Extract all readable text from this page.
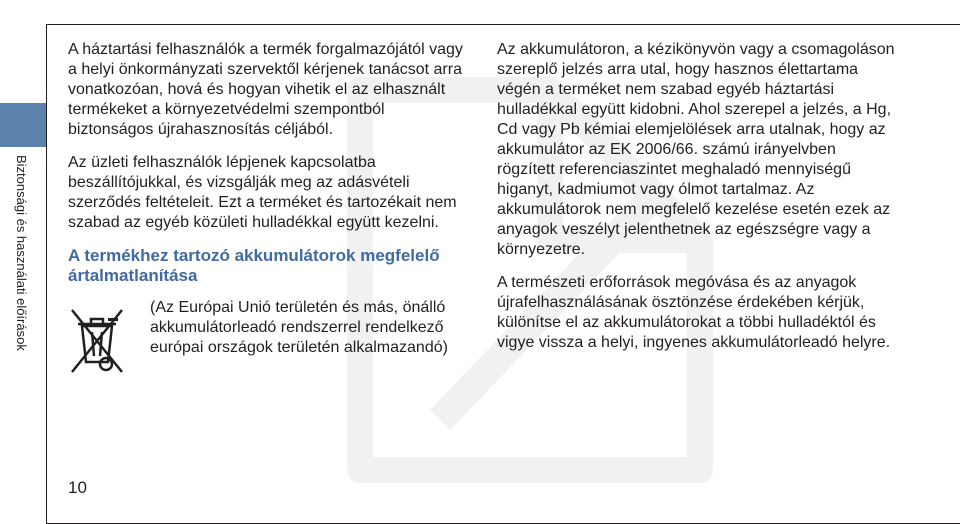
Biztonsági és használati előírások

A háztartási felhasználók a termék forgalmazójától vagy a helyi önkormányzati szervektől kérjenek tanácsot arra vonatkozóan, hová és hogyan vihetik el az elhasznált termékeket a környezetvédelmi szempontból biztonságos újrahasznosítás céljából.

Az üzleti felhasználók lépjenek kapcsolatba beszállítójukkal, és vizsgálják meg az adásvételi szerződés feltételeit. Ezt a terméket és tartozékait nem szabad az egyéb közületi hulladékkal együtt kezelni.

A termékhez tartozó akkumulátorok megfelelő ártalmatlanítása

(Az Európai Unió területén és más, önálló akkumulátorleadó rendszerrel rendelkező európai országok területén alkalmazandó)

Az akkumulátoron, a kézikönyvön vagy a csomagoláson szereplő jelzés arra utal, hogy hasznos élettartama végén a terméket nem szabad egyéb háztartási hulladékkal együtt kidobni. Ahol szerepel a jelzés, a Hg, Cd vagy Pb kémiai elemjelölések arra utalnak, hogy az akkumulátor az EK 2006/66. számú irányelvben rögzített referenciaszintet meghaladó mennyiségű higanyt, kadmiumot vagy ólmot tartalmaz. Az akkumulátorok nem megfelelő kezelése esetén ezek az anyagok veszélyt jelenthetnek az egészségre vagy a környezetre.

A természeti erőforrások megóvása és az anyagok újrafelhasználásának ösztönzése érdekében kérjük, különítse el az akkumulátorokat a többi hulladéktól és vigye vissza a helyi, ingyenes akkumulátorleadó helyre.

10
